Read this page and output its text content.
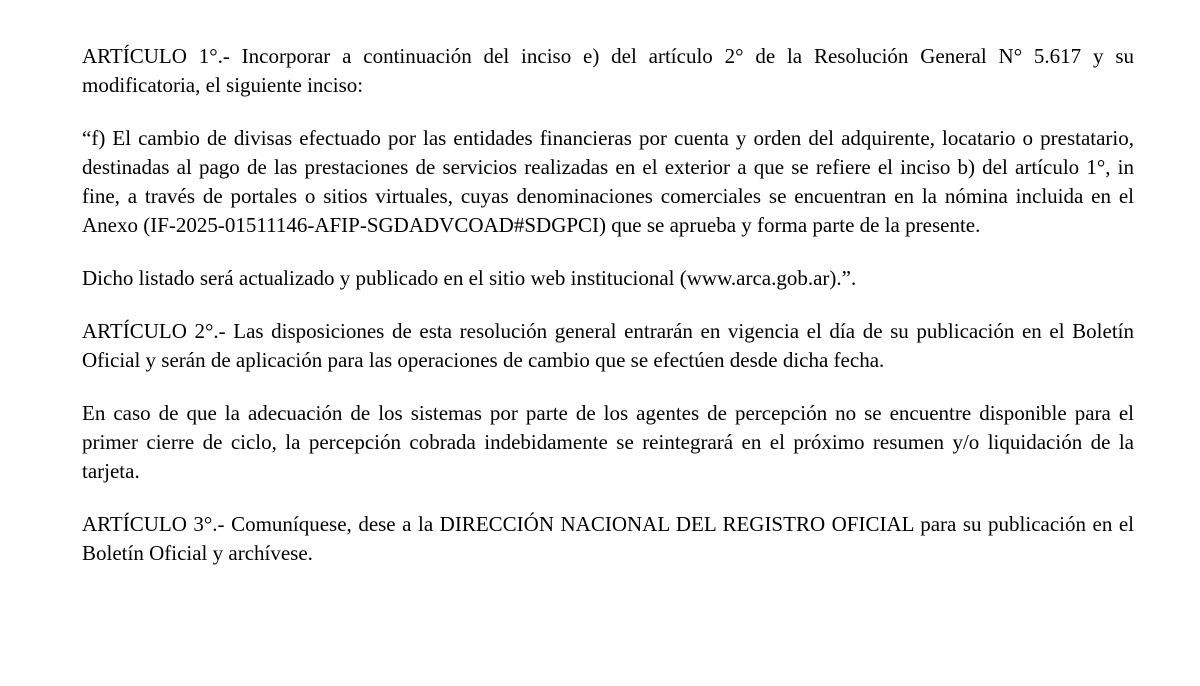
ARTÍCULO 1°.- Incorporar a continuación del inciso e) del artículo 2° de la Resolución General N° 5.617 y su modificatoria, el siguiente inciso:

“f) El cambio de divisas efectuado por las entidades financieras por cuenta y orden del adquirente, locatario o prestatario, destinadas al pago de las prestaciones de servicios realizadas en el exterior a que se refiere el inciso b) del artículo 1°, in fine, a través de portales o sitios virtuales, cuyas denominaciones comerciales se encuentran en la nómina incluida en el Anexo (IF-2025-01511146-AFIP-SGDADVCOAD#SDGPCI) que se aprueba y forma parte de la presente.

Dicho listado será actualizado y publicado en el sitio web institucional (www.arca.gob.ar).”.

ARTÍCULO 2°.- Las disposiciones de esta resolución general entrarán en vigencia el día de su publicación en el Boletín Oficial y serán de aplicación para las operaciones de cambio que se efectúen desde dicha fecha.

En caso de que la adecuación de los sistemas por parte de los agentes de percepción no se encuentre disponible para el primer cierre de ciclo, la percepción cobrada indebidamente se reintegrará en el próximo resumen y/o liquidación de la tarjeta.

ARTÍCULO 3°.- Comuníquese, dese a la DIRECCIÓN NACIONAL DEL REGISTRO OFICIAL para su publicación en el Boletín Oficial y archívese.
